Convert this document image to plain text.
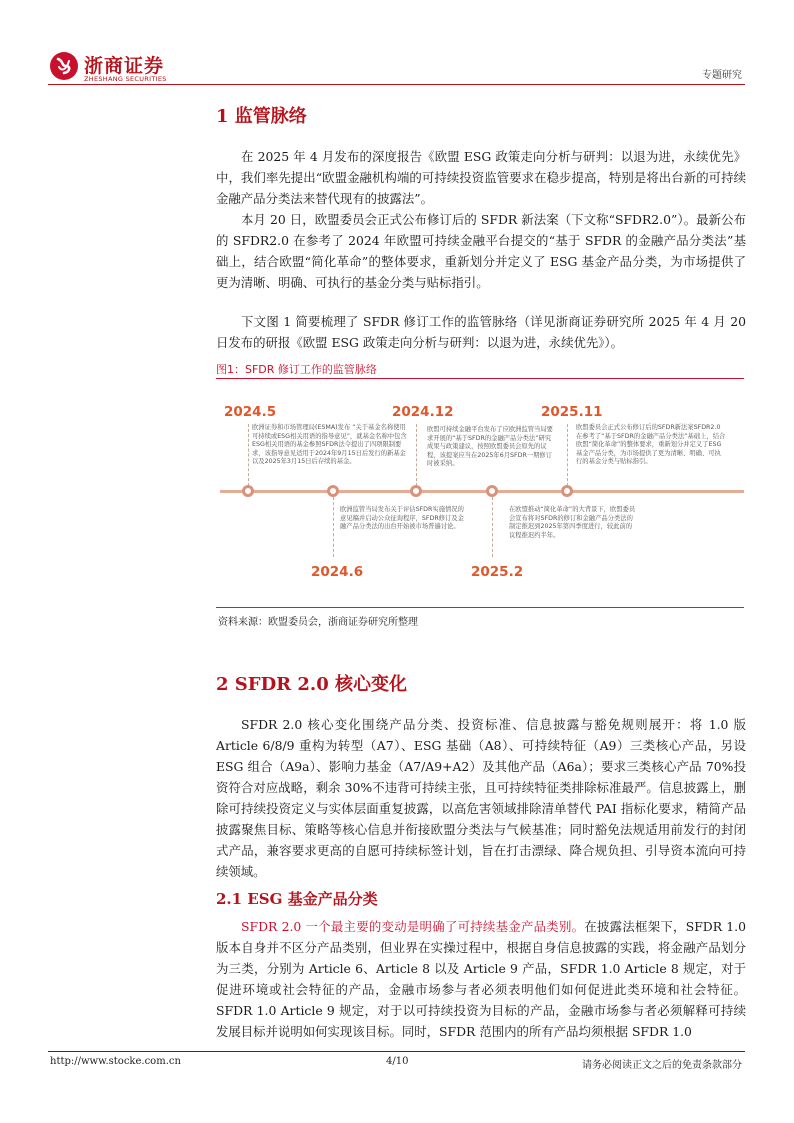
浙商证券
ZHESHANG SECURITIES	专题研究
1 监管脉络

在 2025 年 4 月发布的深度报告《欧盟 ESG 政策走向分析与研判：以退为进，永续优先》中，我们率先提出“欧盟金融机构端的可持续投资监管要求在稳步提高，特别是将出台新的可持续金融产品分类法来替代现有的披露法”。

本月 20 日，欧盟委员会正式公布修订后的 SFDR 新法案（下文称“SFDR2.0”）。最新公布的 SFDR2.0 在参考了 2024 年欧盟可持续金融平台提交的“基于 SFDR 的金融产品分类法”基础上，结合欧盟“简化革命”的整体要求，重新划分并定义了 ESG 基金产品分类，为市场提供了更为清晰、明确、可执行的基金分类与贴标指引。

下文图 1 简要梳理了 SFDR 修订工作的监管脉络（详见浙商证券研究所 2025 年 4 月 20 日发布的研报《欧盟 ESG 政策走向分析与研判：以退为进，永续优先》）。

图1：SFDR 修订工作的监管脉络
2024.5
欧洲证券和市场管理局(ESMA)发布 “关于基金名称使用可持续或ESG相关用语的指导意见”，就基金名称中包含ESG相关用语的基金参照SFDR法令提出了四项限制要求，该指导意见适用于2024年9月15日后发行的新基金以及2025年3月15日后存续的基金。
欧洲监管当局发布关于评估SFDR实施情况的意见稿并启动公众征询程序，SFDR修订及金融产品分类法的出台开始被市场普遍讨论。
2024.6
2024.12
欧盟可持续金融平台发布了应欧洲监管当局要求开展的“基于SFDR的金融产品分类法”研究成果与政策建议，按照欧盟委员会原先的议程，该提案应当在2025年6月SFDR一期修订时被采纳。
在欧盟推动“简化革命”的大背景下，欧盟委员会宣布将对SFDR的修订和金融产品分类法的制定推迟到2025年第四季度进行，较此前的议程推迟约半年。
2025.2
2025.11
欧盟委员会正式公布修订后的SFDR新法案SFDR2.0在参考了“基于SFDR的金融产品分类法”基础上，结合欧盟“简化革命”的整体要求，重新划分并定义了ESG基金产品分类，为市场提供了更为清晰、明确、可执行的基金分类与贴标指引。
资料来源：欧盟委员会，浙商证券研究所整理
2 SFDR 2.0 核心变化

SFDR 2.0 核心变化围绕产品分类、投资标准、信息披露与豁免规则展开：将 1.0 版 Article 6/8/9 重构为转型（A7）、ESG 基础（A8）、可持续特征（A9）三类核心产品，另设 ESG 组合（A9a）、影响力基金（A7/A9+A2）及其他产品（A6a）；要求三类核心产品 70%投资符合对应战略，剩余 30%不违背可持续主张，且可持续特征类排除标准最严。信息披露上，删除可持续投资定义与实体层面重复披露，以高危害领域排除清单替代 PAI 指标化要求，精简产品披露聚焦目标、策略等核心信息并衔接欧盟分类法与气候基准；同时豁免法规适用前发行的封闭式产品，兼容要求更高的自愿可持续标签计划，旨在打击漂绿、降合规负担、引导资本流向可持续领域。

2.1 ESG 基金产品分类

SFDR 2.0 一个最主要的变动是明确了可持续基金产品类别。在披露法框架下，SFDR 1.0 版本自身并不区分产品类别，但业界在实操过程中，根据自身信息披露的实践，将金融产品划分为三类，分别为 Article 6、Article 8 以及 Article 9 产品，SFDR 1.0 Article 8 规定，对于促进环境或社会特征的产品，金融市场参与者必须表明他们如何促进此类环境和社会特征。SFDR 1.0 Article 9 规定，对于以可持续投资为目标的产品，金融市场参与者必须解释可持续发展目标并说明如何实现该目标。同时，SFDR 范围内的所有产品均须根据 SFDR 1.0

http://www.stocke.com.cn	4/10	请务必阅读正文之后的免责条款部分
